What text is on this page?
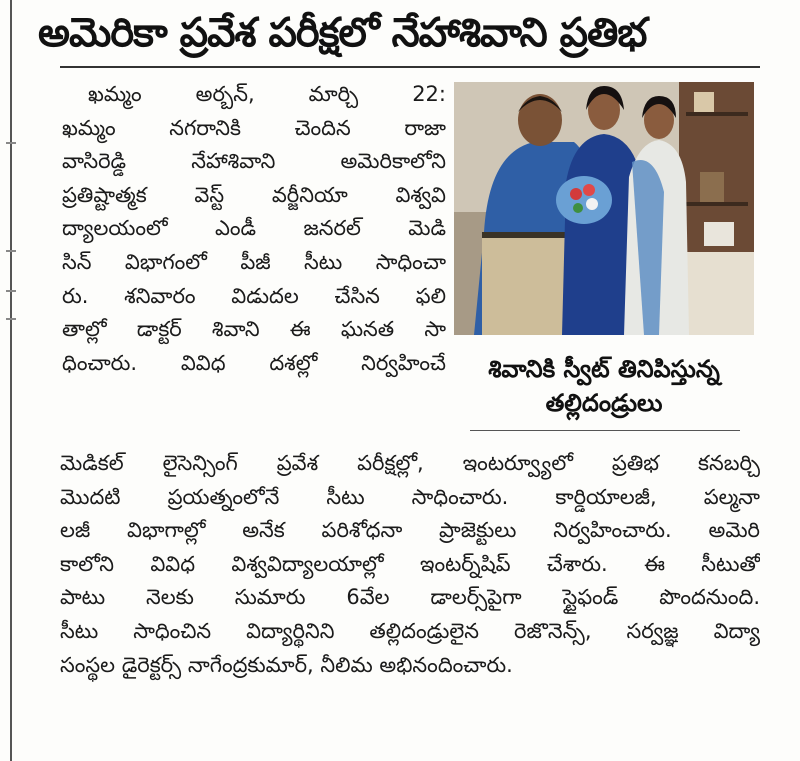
అమెరికా ప్రవేశ పరీక్షలో నేహాశివాని ప్రతిభ
ఖమ్మం అర్బన్, మార్చి 22:
ఖమ్మం నగరానికి చెందిన రాజా
వాసిరెడ్డి నేహాశివాని అమెరికాలోని
ప్రతిష్టాత్మక వెస్ట్ వర్జీనియా విశ్వవి
ద్యాలయంలో ఎండీ జనరల్ మెడి
సిన్ విభాగంలో పీజీ సీటు సాధించా
రు. శనివారం విడుదల చేసిన ఫలి
తాల్లో డాక్టర్ శివాని ఈ ఘనత సా
ధించారు. వివిధ దశల్లో నిర్వహించే	శివానికి స్వీట్ తినిపిస్తున్న
తల్లిదండ్రులు
మెడికల్ లైసెన్సింగ్ ప్రవేశ పరీక్షల్లో, ఇంటర్వ్యూలో ప్రతిభ కనబర్చి
మొదటి ప్రయత్నంలోనే సీటు సాధించారు. కార్డియాలజీ, పల్మనా
లజీ విభాగాల్లో అనేక పరిశోధనా ప్రాజెక్టులు నిర్వహించారు. అమెరి
కాలోని వివిధ విశ్వవిద్యాలయాల్లో ఇంటర్న్‌షిప్ చేశారు. ఈ సీటుతో
పాటు నెలకు సుమారు 6వేల డాలర్స్‌పైగా స్టైఫండ్ పొందనుంది.
సీటు సాధించిన విద్యార్థినిని తల్లిదండ్రులైన రెజొనెన్స్, సర్వజ్ఞ విద్యా
సంస్థల డైరెక్టర్స్ నాగేంద్రకుమార్, నీలిమ అభినందించారు.
